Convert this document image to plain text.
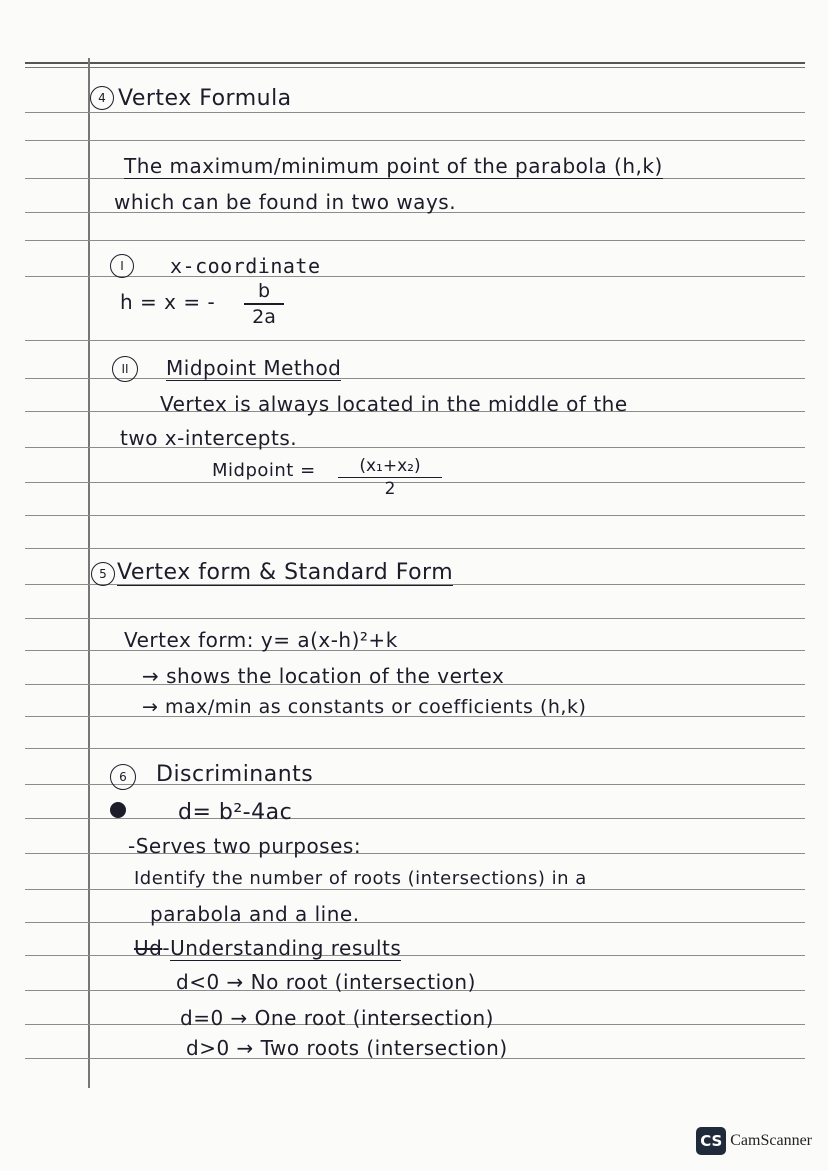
4 Vertex Formula
The maximum/minimum point of the parabola (h,k)
which can be found in two ways.
I x-coordinate
h = x = -	b
2a
II Midpoint Method
Vertex is always located in the middle of the
two x-intercepts.
Midpoint =	(x₁+x₂)
2
5 Vertex form & Standard Form
Vertex form: y= a(x-h)²+k
→ shows the location of the vertex
→ max/min as constants or coefficients (h,k)
6 Discriminants
d= b²-4ac
-Serves two purposes:
Identify the number of roots (intersections) in a
parabola and a line.
Ud-Understanding results
d<0 → No root (intersection)
d=0 → One root (intersection)
d>0 → Two roots (intersection)
CS CamScanner
